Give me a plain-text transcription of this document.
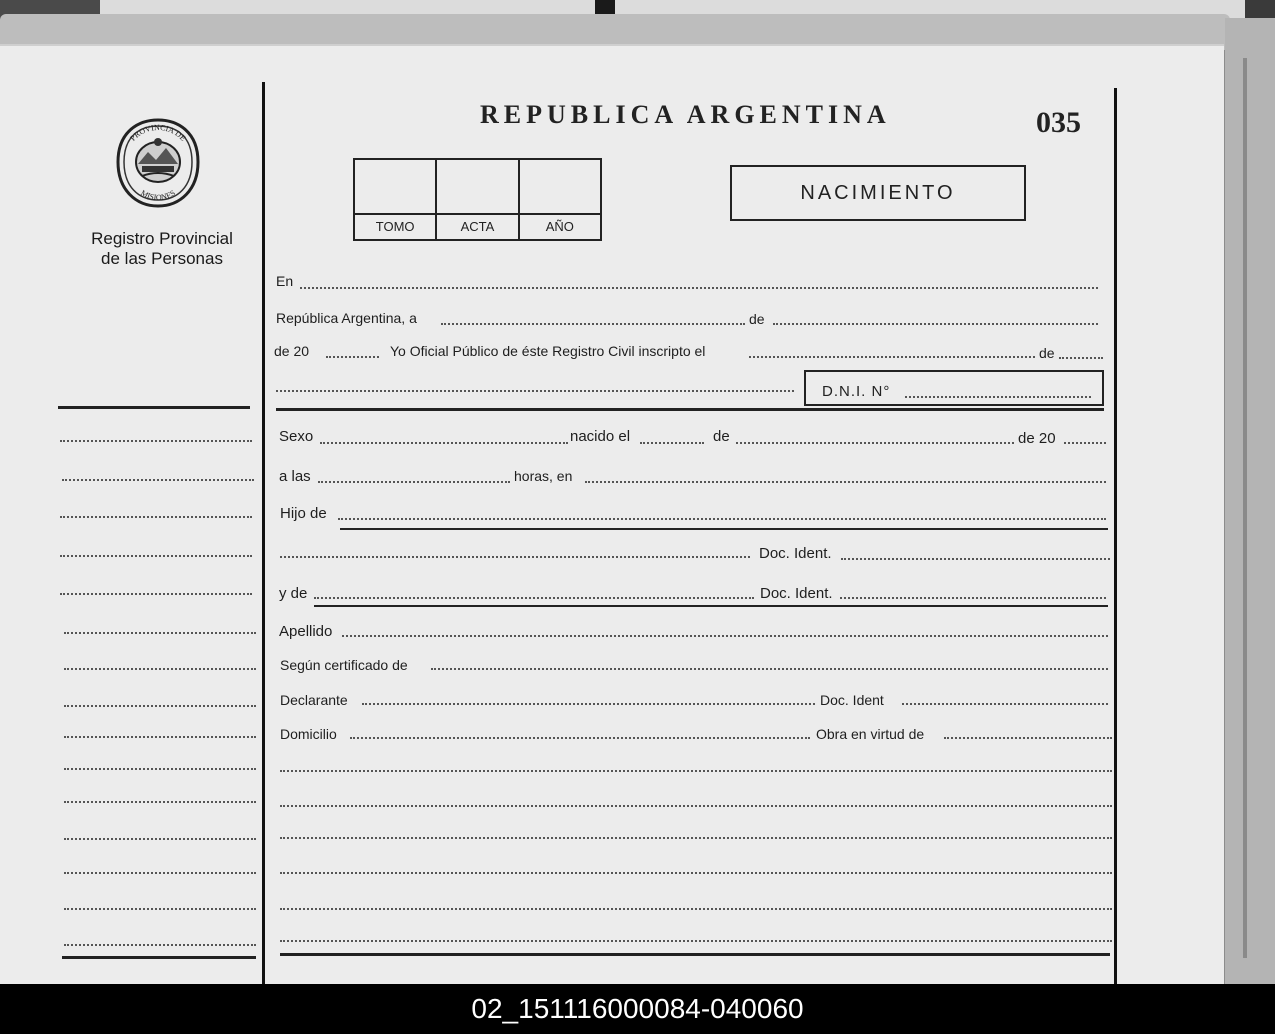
PROVINCIA DE
MISIONES
Registro Provincial
de las Personas
REPUBLICA ARGENTINA	035
TOMO	ACTA	AÑO
NACIMIENTO
En
República Argentina, a	de
de 20	Yo Oficial Público de éste Registro Civil inscripto el	de
D.N.I. N°
Sexo	nacido el	de	de 20
a las	horas, en
Hijo de
Doc. Ident.
y de	Doc. Ident.
Apellido
Según certificado de
Declarante	Doc. Ident
Domicilio	Obra en virtud de
02_151116000084-040060
